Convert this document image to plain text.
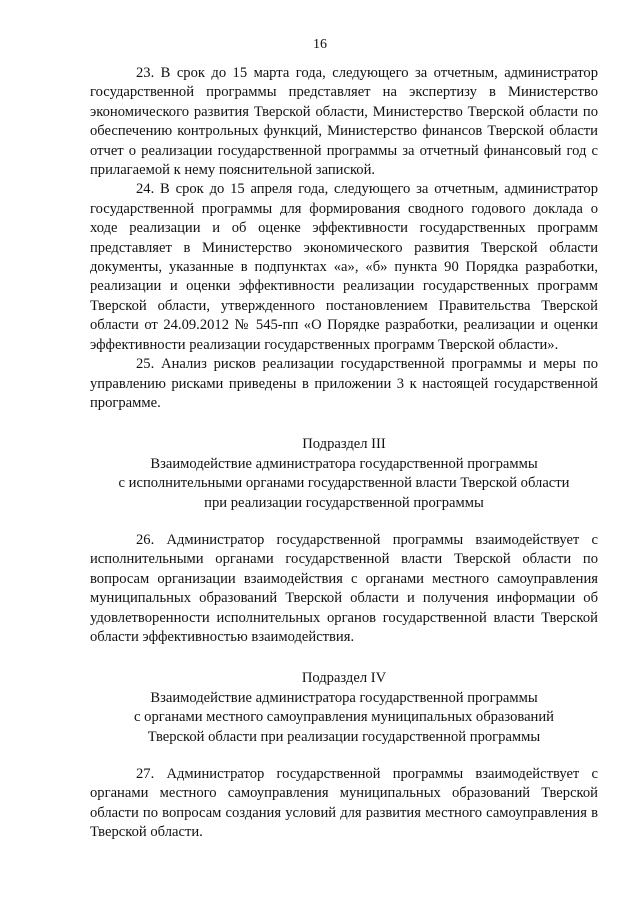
16

23. В срок до 15 марта года, следующего за отчетным, администратор государственной программы представляет на экспертизу в Министерство экономического развития Тверской области, Министерство Тверской области по обеспечению контрольных функций, Министерство финансов Тверской области отчет о реализации государственной программы за отчетный финансовый год с прилагаемой к нему пояснительной запиской.

24. В срок до 15 апреля года, следующего за отчетным, администратор государственной программы для формирования сводного годового доклада о ходе реализации и об оценке эффективности государственных программ представляет в Министерство экономического развития Тверской области документы, указанные в подпунктах «а», «б» пункта 90 Порядка разработки, реализации и оценки эффективности реализации государственных программ Тверской области, утвержденного постановлением Правительства Тверской области от 24.09.2012 № 545-пп «О Порядке разработки, реализации и оценки эффективности реализации государственных программ Тверской области».

25. Анализ рисков реализации государственной программы и меры по управлению рисками приведены в приложении 3 к настоящей государственной программе.

Подраздел III
Взаимодействие администратора государственной программы
с исполнительными органами государственной власти Тверской области
при реализации государственной программы

26. Администратор государственной программы взаимодействует с исполнительными органами государственной власти Тверской области по вопросам организации взаимодействия с органами местного самоуправления муниципальных образований Тверской области и получения информации об удовлетворенности исполнительных органов государственной власти Тверской области эффективностью взаимодействия.

Подраздел IV
Взаимодействие администратора государственной программы
с органами местного самоуправления муниципальных образований
Тверской области при реализации государственной программы

27. Администратор государственной программы взаимодействует с органами местного самоуправления муниципальных образований Тверской области по вопросам создания условий для развития местного самоуправления в Тверской области.
